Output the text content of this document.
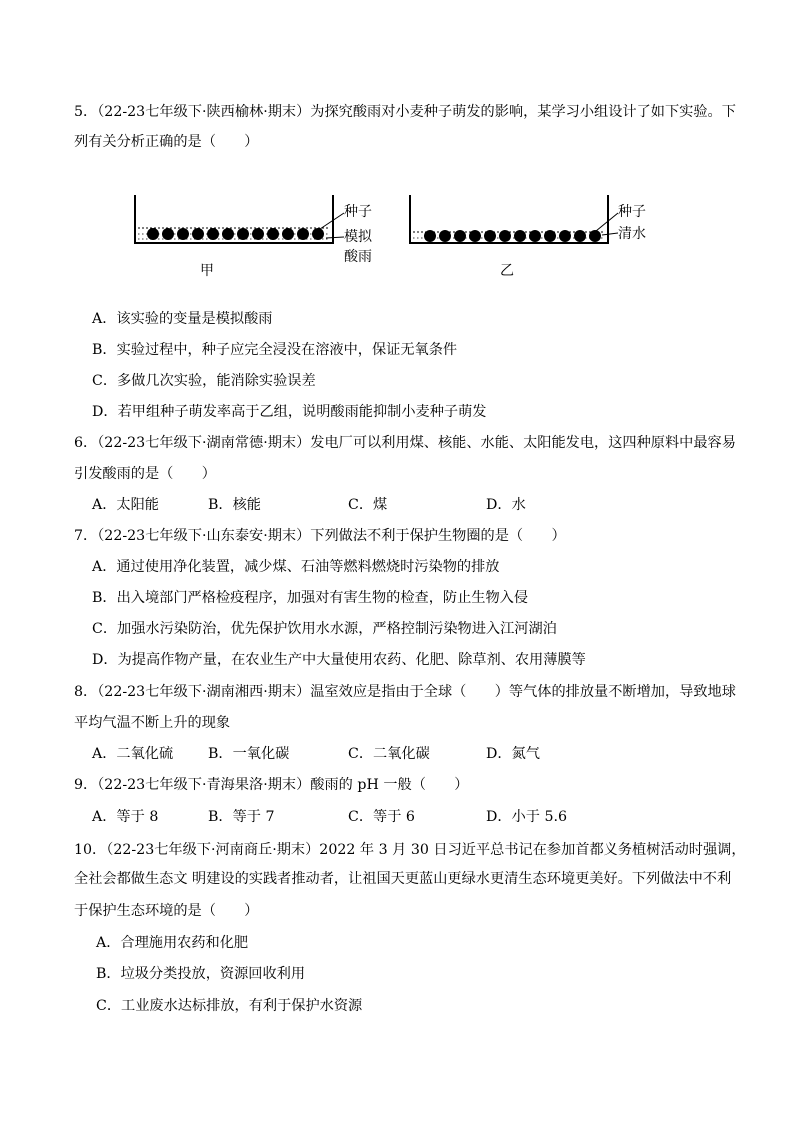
5．（22-23七年级下·陕西榆林·期末）为探究酸雨对小麦种子萌发的影响，某学习小组设计了如下实验。下
列有关分析正确的是（　　）
种子
模拟
酸雨
甲
种子
清水
乙
A．该实验的变量是模拟酸雨
B．实验过程中，种子应完全浸没在溶液中，保证无氧条件
C．多做几次实验，能消除实验误差
D．若甲组种子萌发率高于乙组，说明酸雨能抑制小麦种子萌发
6．（22-23七年级下·湖南常德·期末）发电厂可以利用煤、核能、水能、太阳能发电，这四种原料中最容易
引发酸雨的是（　　）
A．太阳能	B．核能	C．煤	D．水
7．（22-23七年级下·山东泰安·期末）下列做法不利于保护生物圈的是（　　）
A．通过使用净化装置，减少煤、石油等燃料燃烧时污染物的排放
B．出入境部门严格检疫程序，加强对有害生物的检查，防止生物入侵
C．加强水污染防治，优先保护饮用水水源，严格控制污染物进入江河湖泊
D．为提高作物产量，在农业生产中大量使用农药、化肥、除草剂、农用薄膜等
8．（22-23七年级下·湖南湘西·期末）温室效应是指由于全球（　　）等气体的排放量不断增加，导致地球
平均气温不断上升的现象
A．二氧化硫 B．一氧化碳	C．二氧化碳	D．氮气
9．（22-23七年级下·青海果洛·期末）酸雨的 pH 一般（　　）
A．等于 8	B．等于 7	C．等于 6	D．小于 5.6
10．（22-23七年级下·河南商丘·期末）2022 年 3 月 30 日习近平总书记在参加首都义务植树活动时强调，
全社会都做生态文 明建设的实践者推动者，让祖国天更蓝山更绿水更清生态环境更美好。下列做法中不利
于保护生态环境的是（　　）
A．合理施用农药和化肥
B．垃圾分类投放，资源回收利用
C．工业废水达标排放，有利于保护水资源
